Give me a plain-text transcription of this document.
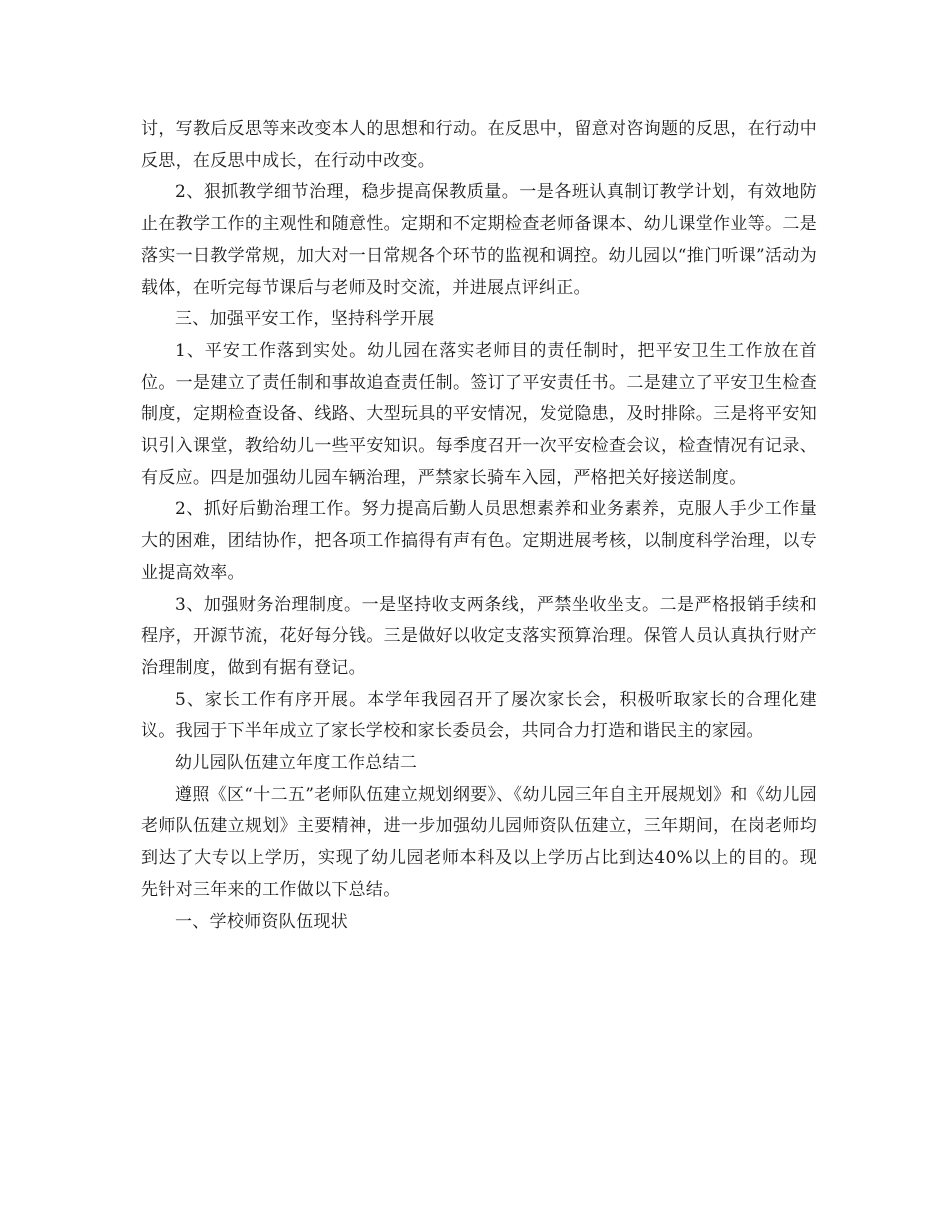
讨，写教后反思等来改变本人的思想和行动。在反思中，留意对咨询题的反思，在行动中反思，在反思中成长，在行动中改变。

2、狠抓教学细节治理，稳步提高保教质量。一是各班认真制订教学计划，有效地防止在教学工作的主观性和随意性。定期和不定期检查老师备课本、幼儿课堂作业等。二是落实一日教学常规，加大对一日常规各个环节的监视和调控。幼儿园以“推门听课”活动为载体，在听完每节课后与老师及时交流，并进展点评纠正。

三、加强平安工作，坚持科学开展

1、平安工作落到实处。幼儿园在落实老师目的责任制时，把平安卫生工作放在首位。一是建立了责任制和事故追查责任制。签订了平安责任书。二是建立了平安卫生检查制度，定期检查设备、线路、大型玩具的平安情况，发觉隐患，及时排除。三是将平安知识引入课堂，教给幼儿一些平安知识。每季度召开一次平安检查会议，检查情况有记录、有反应。四是加强幼儿园车辆治理，严禁家长骑车入园，严格把关好接送制度。

2、抓好后勤治理工作。努力提高后勤人员思想素养和业务素养，克服人手少工作量大的困难，团结协作，把各项工作搞得有声有色。定期进展考核，以制度科学治理，以专业提高效率。

3、加强财务治理制度。一是坚持收支两条线，严禁坐收坐支。二是严格报销手续和程序，开源节流，花好每分钱。三是做好以收定支落实预算治理。保管人员认真执行财产治理制度，做到有据有登记。

5、家长工作有序开展。本学年我园召开了屡次家长会，积极听取家长的合理化建议。我园于下半年成立了家长学校和家长委员会，共同合力打造和谐民主的家园。

幼儿园队伍建立年度工作总结二

遵照《区“十二五”老师队伍建立规划纲要》、《幼儿园三年自主开展规划》和《幼儿园老师队伍建立规划》主要精神，进一步加强幼儿园师资队伍建立，三年期间，在岗老师均到达了大专以上学历，实现了幼儿园老师本科及以上学历占比到达40%以上的目的。现先针对三年来的工作做以下总结。

一、学校师资队伍现状
